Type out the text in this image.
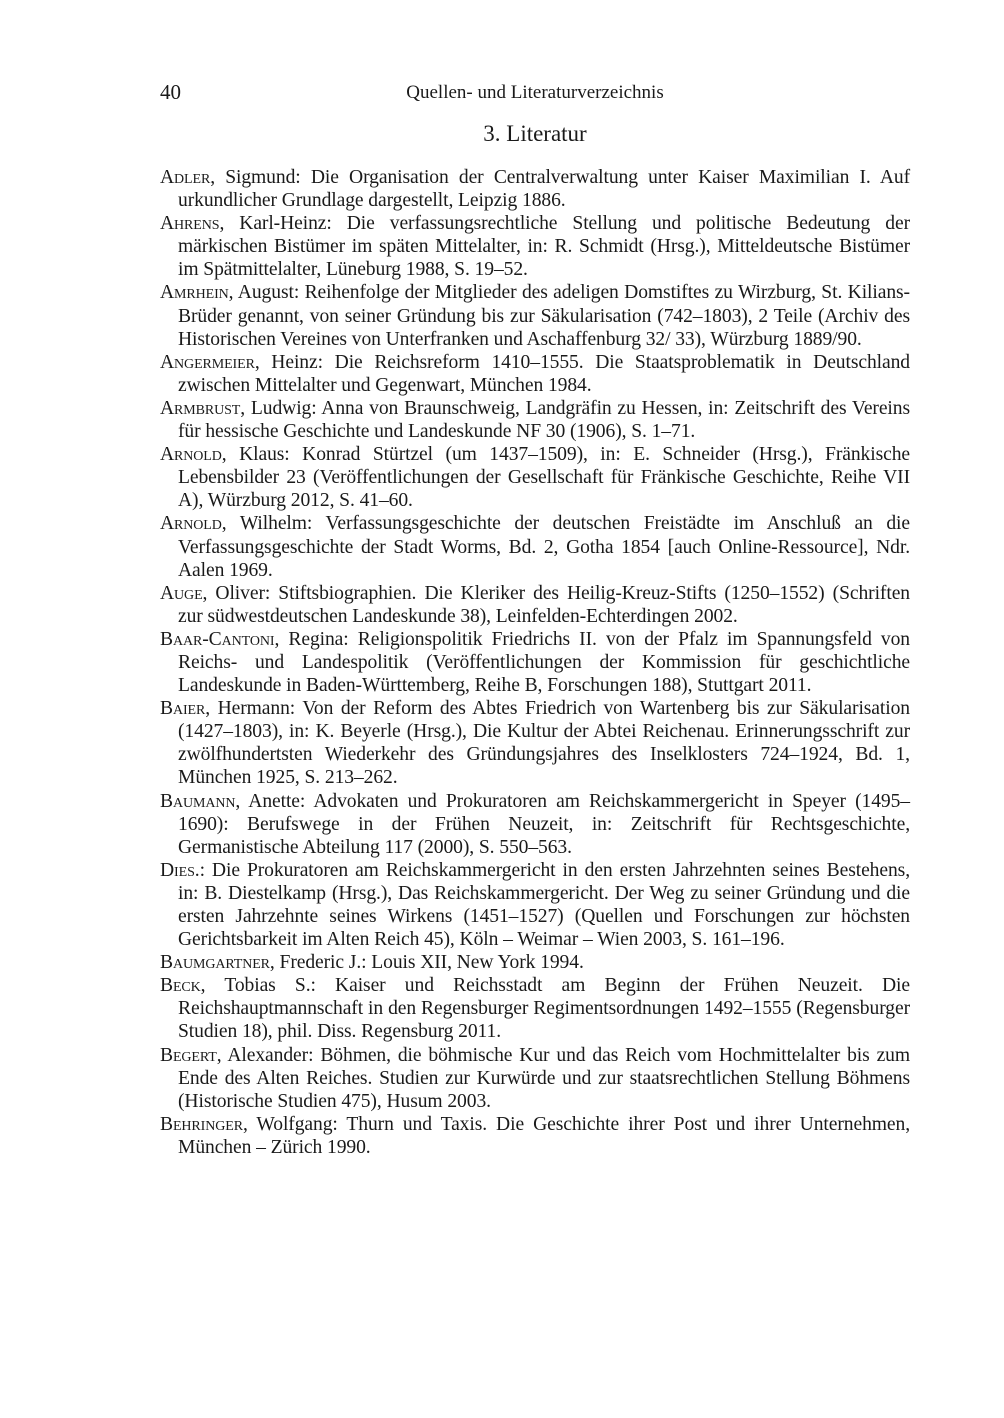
40	Quellen- und Literaturverzeichnis
3. Literatur
Adler, Sigmund: Die Organisation der Centralverwaltung unter Kaiser Maximilian I. Auf urkundlicher Grundlage dargestellt, Leipzig 1886.
Ahrens, Karl-Heinz: Die verfassungsrechtliche Stellung und politische Bedeutung der märkischen Bistümer im späten Mittelalter, in: R. Schmidt (Hrsg.), Mitteldeutsche Bistümer im Spätmittelalter, Lüneburg 1988, S. 19–52.
Amrhein, August: Reihenfolge der Mitglieder des adeligen Domstiftes zu Wirzburg, St. Kilians-Brüder genannt, von seiner Gründung bis zur Säkularisation (742–1803), 2 Teile (Archiv des Historischen Vereines von Unterfranken und Aschaffenburg 32/ 33), Würzburg 1889/90.
Angermeier, Heinz: Die Reichsreform 1410–1555. Die Staatsproblematik in Deutschland zwischen Mittelalter und Gegenwart, München 1984.
Armbrust, Ludwig: Anna von Braunschweig, Landgräfin zu Hessen, in: Zeitschrift des Vereins für hessische Geschichte und Landeskunde NF 30 (1906), S. 1–71.
Arnold, Klaus: Konrad Stürtzel (um 1437–1509), in: E. Schneider (Hrsg.), Fränkische Lebensbilder 23 (Veröffentlichungen der Gesellschaft für Fränkische Geschichte, Reihe VII A), Würzburg 2012, S. 41–60.
Arnold, Wilhelm: Verfassungsgeschichte der deutschen Freistädte im Anschluß an die Verfassungsgeschichte der Stadt Worms, Bd. 2, Gotha 1854 [auch Online-Ressource], Ndr. Aalen 1969.
Auge, Oliver: Stiftsbiographien. Die Kleriker des Heilig-Kreuz-Stifts (1250–1552) (Schriften zur südwestdeutschen Landeskunde 38), Leinfelden-Echterdingen 2002.
Baar-Cantoni, Regina: Religionspolitik Friedrichs II. von der Pfalz im Spannungsfeld von Reichs- und Landespolitik (Veröffentlichungen der Kommission für geschichtliche Landeskunde in Baden-Württemberg, Reihe B, Forschungen 188), Stuttgart 2011.
Baier, Hermann: Von der Reform des Abtes Friedrich von Wartenberg bis zur Säkularisation (1427–1803), in: K. Beyerle (Hrsg.), Die Kultur der Abtei Reichenau. Erinnerungsschrift zur zwölfhundertsten Wiederkehr des Gründungsjahres des Inselklosters 724–1924, Bd. 1, München 1925, S. 213–262.
Baumann, Anette: Advokaten und Prokuratoren am Reichskammergericht in Speyer (1495–1690): Berufswege in der Frühen Neuzeit, in: Zeitschrift für Rechtsgeschichte, Germanistische Abteilung 117 (2000), S. 550–563.
Dies.: Die Prokuratoren am Reichskammergericht in den ersten Jahrzehnten seines Bestehens, in: B. Diestelkamp (Hrsg.), Das Reichskammergericht. Der Weg zu seiner Gründung und die ersten Jahrzehnte seines Wirkens (1451–1527) (Quellen und Forschungen zur höchsten Gerichtsbarkeit im Alten Reich 45), Köln – Weimar – Wien 2003, S. 161–196.
Baumgartner, Frederic J.: Louis XII, New York 1994.
Beck, Tobias S.: Kaiser und Reichsstadt am Beginn der Frühen Neuzeit. Die Reichshauptmannschaft in den Regensburger Regimentsordnungen 1492–1555 (Regensburger Studien 18), phil. Diss. Regensburg 2011.
Begert, Alexander: Böhmen, die böhmische Kur und das Reich vom Hochmittelalter bis zum Ende des Alten Reiches. Studien zur Kurwürde und zur staatsrechtlichen Stellung Böhmens (Historische Studien 475), Husum 2003.
Behringer, Wolfgang: Thurn und Taxis. Die Geschichte ihrer Post und ihrer Unternehmen, München – Zürich 1990.
